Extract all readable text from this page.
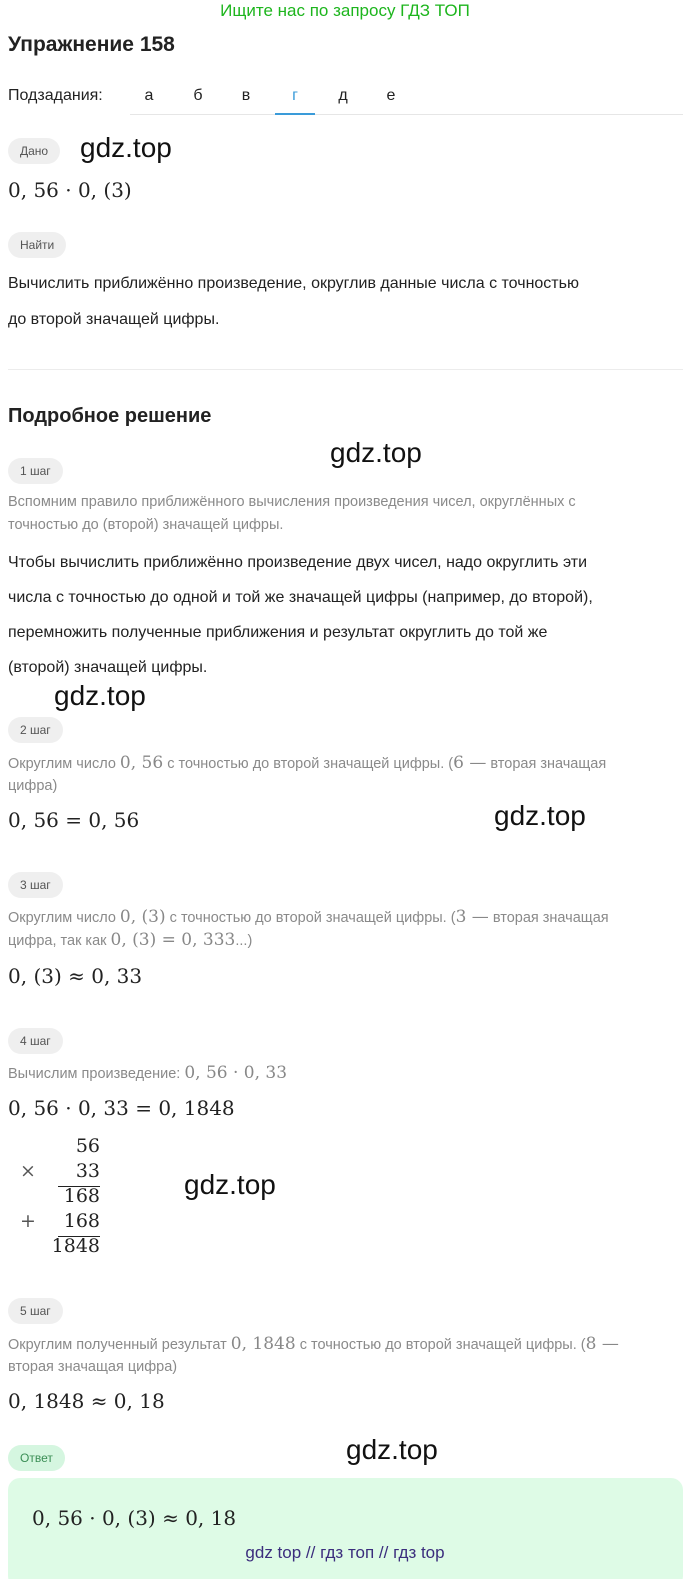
Ищите нас по запросу ГДЗ ТОП
Упражнение 158
Подзадания:	а	б	в	г	д	е
Дано	gdz.top
0, 56 · 0, (3)
Найти
Вычислить приближённо произведение, округлив данные числа с точностью
до второй значащей цифры.
Подробное решение
gdz.top
1 шаг
Вспомним правило приближённого вычисления произведения чисел, округлённых с
точностью до (второй) значащей цифры.
Чтобы вычислить приближённо произведение двух чисел, надо округлить эти
числа с точностью до одной и той же значащей цифры (например, до второй),
перемножить полученные приближения и результат округлить до той же
(второй) значащей цифры.
gdz.top
2 шаг
Округлим число 0, 56 с точностью до второй значащей цифры. (6 — вторая значащая
цифра)
0, 56 = 0, 56	gdz.top
3 шаг
Округлим число 0, (3) с точностью до второй значащей цифры. (3 — вторая значащая
цифра, так как 0, (3) = 0, 333...)
0, (3) ≈ 0, 33
4 шаг
Вычислим произведение: 0, 56 · 0, 33
0, 56 · 0, 33 = 0, 1848
56
× 33
168
+ 168
1848
gdz.top
5 шаг
Округлим полученный результат 0, 1848 с точностью до второй значащей цифры. (8 —
вторая значащая цифра)
0, 1848 ≈ 0, 18
Ответ	gdz.top
0, 56 · 0, (3) ≈ 0, 18
gdz top // гдз топ // гдз top
